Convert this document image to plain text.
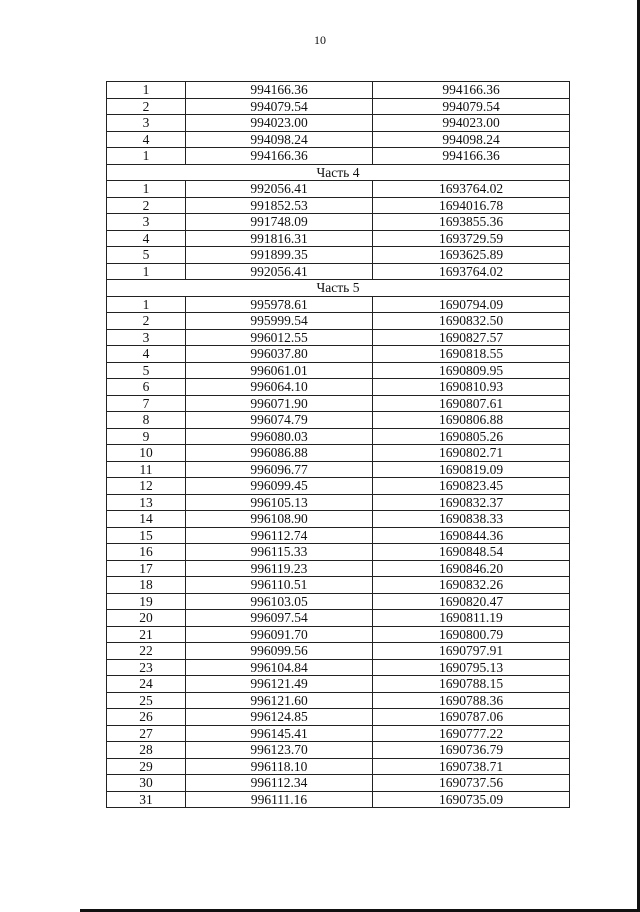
10
1	994166.36	994166.36
2	994079.54	994079.54
3	994023.00	994023.00
4	994098.24	994098.24
1	994166.36	994166.36
Часть 4		
1	992056.41	1693764.02
2	991852.53	1694016.78
3	991748.09	1693855.36
4	991816.31	1693729.59
5	991899.35	1693625.89
1	992056.41	1693764.02
Часть 5		
1	995978.61	1690794.09
2	995999.54	1690832.50
3	996012.55	1690827.57
4	996037.80	1690818.55
5	996061.01	1690809.95
6	996064.10	1690810.93
7	996071.90	1690807.61
8	996074.79	1690806.88
9	996080.03	1690805.26
10	996086.88	1690802.71
11	996096.77	1690819.09
12	996099.45	1690823.45
13	996105.13	1690832.37
14	996108.90	1690838.33
15	996112.74	1690844.36
16	996115.33	1690848.54
17	996119.23	1690846.20
18	996110.51	1690832.26
19	996103.05	1690820.47
20	996097.54	1690811.19
21	996091.70	1690800.79
22	996099.56	1690797.91
23	996104.84	1690795.13
24	996121.49	1690788.15
25	996121.60	1690788.36
26	996124.85	1690787.06
27	996145.41	1690777.22
28	996123.70	1690736.79
29	996118.10	1690738.71
30	996112.34	1690737.56
31	996111.16	1690735.09
